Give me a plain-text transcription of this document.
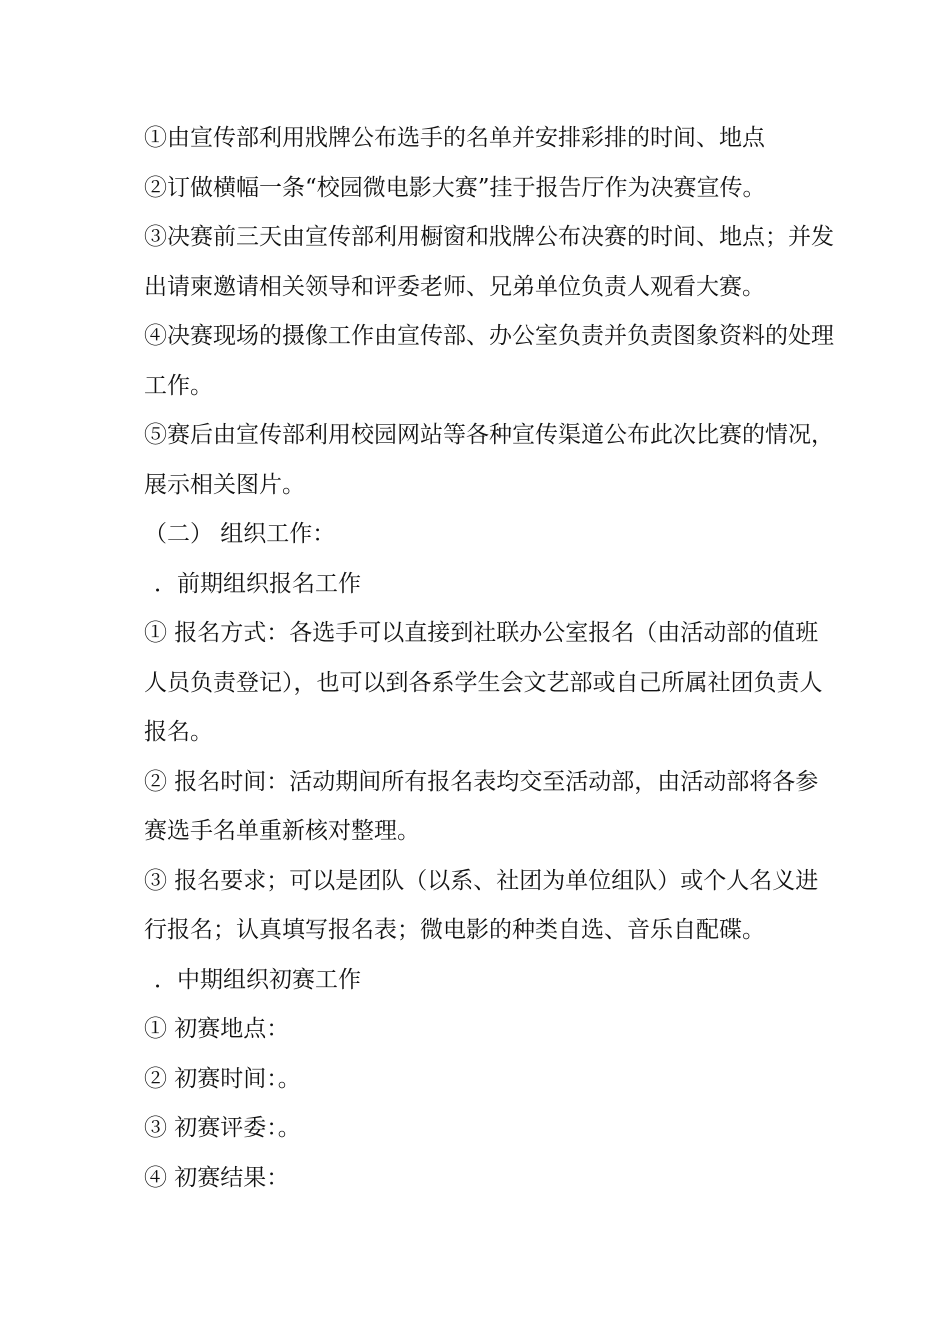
①由宣传部利用戕牌公布选手的名单并安排彩排的时间、地点

②订做横幅一条“校园微电影大赛”挂于报告厅作为决赛宣传。

③决赛前三天由宣传部利用橱窗和戕牌公布决赛的时间、地点；并发

出请柬邀请相关领导和评委老师、兄弟单位负责人观看大赛。

④决赛现场的摄像工作由宣传部、办公室负责并负责图象资料的处理

工作。

⑤赛后由宣传部利用校园网站等各种宣传渠道公布此次比赛的情况，

展示相关图片。

（二） 组织工作：

．前期组织报名工作

① 报名方式：各选手可以直接到社联办公室报名（由活动部的值班

人员负责登记），也可以到各系学生会文艺部或自己所属社团负责人

报名。

② 报名时间：活动期间所有报名表均交至活动部，由活动部将各参

赛选手名单重新核对整理。

③ 报名要求；可以是团队（以系、社团为单位组队）或个人名义进

行报名；认真填写报名表；微电影的种类自选、音乐自配碟。

．中期组织初赛工作

① 初赛地点：

② 初赛时间：。

③ 初赛评委：。

④ 初赛结果：
